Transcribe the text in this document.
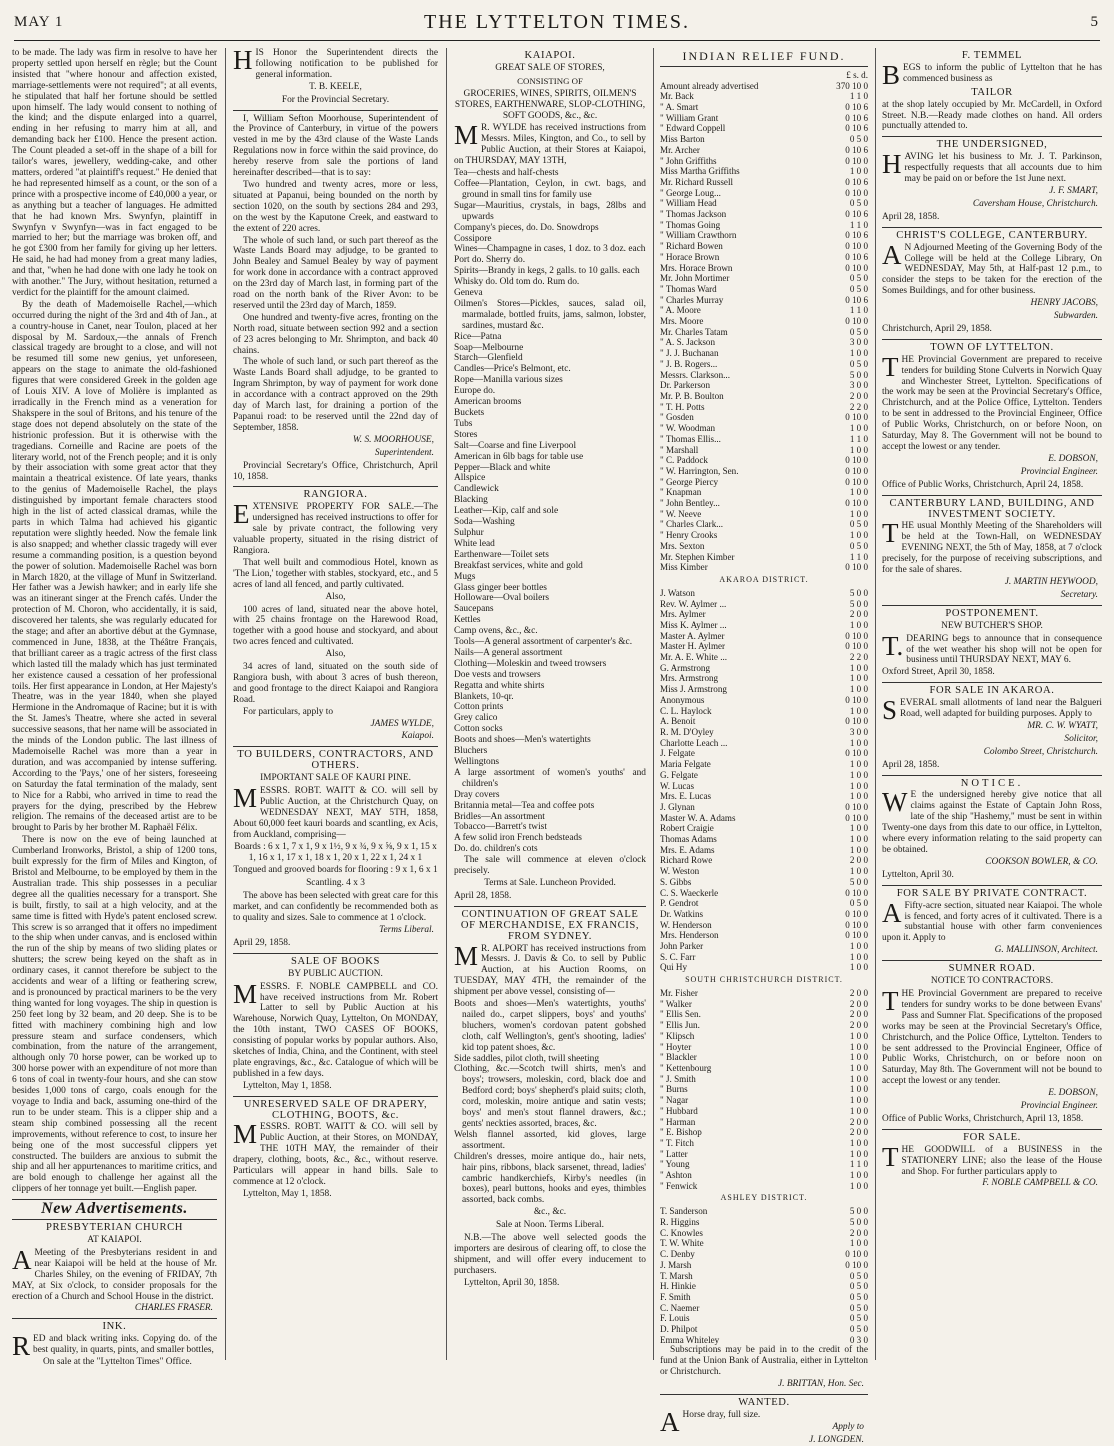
MAY 1	THE LYTTELTON TIMES.	5

to be made. The lady was firm in resolve to have her property settled upon herself en règle; but the Count insisted that "where honour and affection existed, marriage-settlements were not required"; at all events, he stipulated that half her fortune should be settled upon himself. The lady would consent to nothing of the kind; and the dispute enlarged into a quarrel, ending in her refusing to marry him at all, and demanding back her £100. Hence the present action. The Count pleaded a set-off in the shape of a bill for tailor's wares, jewellery, wedding-cake, and other matters, ordered "at plaintiff's request." He denied that he had represented himself as a count, or the son of a prince with a prospective income of £40,000 a year, or as anything but a teacher of languages. He admitted that he had known Mrs. Swynfyn, plaintiff in Swynfyn v Swynfyn—was in fact engaged to be married to her; but the marriage was broken off, and he got £300 from her family for giving up her letters. He said, he had had money from a great many ladies, and that, "when he had done with one lady he took on with another." The Jury, without hesitation, returned a verdict for the plaintiff for the amount claimed.

By the death of Mademoiselle Rachel,—which occurred during the night of the 3rd and 4th of Jan., at a country-house in Canet, near Toulon, placed at her disposal by M. Sardoux,—the annals of French classical tragedy are brought to a close, and will not be resumed till some new genius, yet unforeseen, appears on the stage to animate the old-fashioned figures that were considered Greek in the golden age of Louis XIV. A love of Molière is implanted as irradically in the French mind as a veneration for Shakspere in the soul of Britons, and his tenure of the stage does not depend absolutely on the state of the histrionic profession. But it is otherwise with the tragedians. Corneille and Racine are poets of the literary world, not of the French people; and it is only by their association with some great actor that they maintain a theatrical existence. Of late years, thanks to the genius of Mademoiselle Rachel, the plays distinguished by important female characters stood high in the list of acted classical dramas, while the parts in which Talma had achieved his gigantic reputation were slightly heeded. Now the female link is also snapped; and whether classic tragedy will ever resume a commanding position, is a question beyond the power of solution. Mademoiselle Rachel was born in March 1820, at the village of Munf in Switzerland. Her father was a Jewish hawker; and in early life she was an itinerant singer at the French cafés. Under the protection of M. Choron, who accidentally, it is said, discovered her talents, she was regularly educated for the stage; and after an abortive début at the Gymnase, commenced in June, 1838, at the Théâtre Français, that brilliant career as a tragic actress of the first class which lasted till the malady which has just terminated her existence caused a cessation of her professional toils. Her first appearance in London, at Her Majesty's Theatre, was in the year 1840, when she played Hermione in the Andromaque of Racine; but it is with the St. James's Theatre, where she acted in several successive seasons, that her name will be associated in the minds of the London public. The last illness of Mademoiselle Rachel was more than a year in duration, and was accompanied by intense suffering. According to the 'Pays,' one of her sisters, foreseeing on Saturday the fatal termination of the malady, sent to Nice for a Rabbi, who arrived in time to read the prayers for the dying, prescribed by the Hebrew religion. The remains of the deceased artist are to be brought to Paris by her brother M. Raphaël Félix.

There is now on the eve of being launched at Cumberland Ironworks, Bristol, a ship of 1200 tons, built expressly for the firm of Miles and Kington, of Bristol and Melbourne, to be employed by them in the Australian trade. This ship possesses in a peculiar degree all the qualities necessary for a transport. She is built, firstly, to sail at a high velocity, and at the same time is fitted with Hyde's patent enclosed screw. This screw is so arranged that it offers no impediment to the ship when under canvas, and is enclosed within the run of the ship by means of two sliding plates or shutters; the screw being keyed on the shaft as in ordinary cases, it cannot therefore be subject to the accidents and wear of a lifting or feathering screw, and is pronounced by practical mariners to be the very thing wanted for long voyages. The ship in question is 250 feet long by 32 beam, and 20 deep. She is to be fitted with machinery combining high and low pressure steam and surface condensers, which combination, from the nature of the arrangement, although only 70 horse power, can be worked up to 300 horse power with an expenditure of not more than 6 tons of coal in twenty-four hours, and she can stow besides 1,000 tons of cargo, coals enough for the voyage to India and back, assuming one-third of the run to be under steam. This is a clipper ship and a steam ship combined possessing all the recent improvements, without reference to cost, to insure her being one of the most successful clippers yet constructed. The builders are anxious to submit the ship and all her appurtenances to maritime critics, and are bold enough to challenge her against all the clippers of her tonnage yet built.—English paper.

New Advertisements.
PRESBYTERIAN CHURCH
AT KAIAPOI.

A Meeting of the Presbyterians resident in and near Kaiapoi will be held at the house of Mr. Charles Shiley, on the evening of FRIDAY, 7th MAY, at Six o'clock, to consider proposals for the erection of a Church and School House in the district.

CHARLES FRASER.
INK.

RED and black writing inks. Copying do. of the best quality, in quarts, pints, and smaller bottles,

On sale at the "Lyttelton Times" Office.

HIS Honor the Superintendent directs the following notification to be published for general information.

T. B. KEELE,
For the Provincial Secretary.

I, William Sefton Moorhouse, Superintendent of the Province of Canterbury, in virtue of the powers vested in me by the 43rd clause of the Waste Lands Regulations now in force within the said province, do hereby reserve from sale the portions of land hereinafter described—that is to say:

Two hundred and twenty acres, more or less, situated at Papanui, being bounded on the north by section 1020, on the south by sections 284 and 293, on the west by the Kaputone Creek, and eastward to the extent of 220 acres.

The whole of such land, or such part thereof as the Waste Lands Board may adjudge, to be granted to John Bealey and Samuel Bealey by way of payment for work done in accordance with a contract approved on the 23rd day of March last, in forming part of the road on the north bank of the River Avon: to be reserved until the 23rd day of March, 1859.

One hundred and twenty-five acres, fronting on the North road, situate between section 992 and a section of 23 acres belonging to Mr. Shrimpton, and back 40 chains.

The whole of such land, or such part thereof as the Waste Lands Board shall adjudge, to be granted to Ingram Shrimpton, by way of payment for work done in accordance with a contract approved on the 29th day of March last, for draining a portion of the Papanui road: to be reserved until the 22nd day of September, 1858.

W. S. MOORHOUSE,
Superintendent.

Provincial Secretary's Office, Christchurch, April 10, 1858.

RANGIORA.

EXTENSIVE PROPERTY FOR SALE.—The undersigned has received instructions to offer for sale by private contract, the following very valuable property, situated in the rising district of Rangiora.

That well built and commodious Hotel, known as 'The Lion,' together with stables, stockyard, etc., and 5 acres of land all fenced, and partly cultivated.

Also,

100 acres of land, situated near the above hotel, with 25 chains frontage on the Harewood Road, together with a good house and stockyard, and about two acres fenced and cultivated.

Also,

34 acres of land, situated on the south side of Rangiora bush, with about 3 acres of bush thereon, and good frontage to the direct Kaiapoi and Rangiora Road.

For particulars, apply to

JAMES WYLDE,
Kaiapoi.
TO BUILDERS, CONTRACTORS, AND OTHERS.
IMPORTANT SALE OF KAURI PINE.

MESSRS. ROBT. WAITT & CO. will sell by Public Auction, at the Christchurch Quay, on WEDNESDAY NEXT, MAY 5TH, 1858, About 60,000 feet kauri boards and scantling, ex Acis, from Auckland, comprising—

Boards : 6 x 1, 7 x 1, 9 x 1½, 9 x ¾, 9 x ⅝, 9 x 1, 15 x 1, 16 x 1, 17 x 1, 18 x 1, 20 x 1, 22 x 1, 24 x 1
Tongued and grooved boards for flooring : 9 x 1, 6 x 1
Scantling. 4 x 3

The above has been selected with great care for this market, and can confidently be recommended both as to quality and sizes. Sale to commence at 1 o'clock.

Terms Liberal.

April 29, 1858.

SALE OF BOOKS
BY PUBLIC AUCTION.

MESSRS. F. NOBLE CAMPBELL and CO. have received instructions from Mr. Robert Latter to sell by Public Auction at his Warehouse, Norwich Quay, Lyttelton, On MONDAY, the 10th instant, TWO CASES OF BOOKS, consisting of popular works by popular authors. Also, sketches of India, China, and the Continent, with steel plate engravings, &c., &c. Catalogue of which will be published in a few days.

Lyttelton, May 1, 1858.

UNRESERVED SALE OF DRAPERY, CLOTHING, BOOTS, &c.

MESSRS. ROBT. WAITT & CO. will sell by Public Auction, at their Stores, on MONDAY, THE 10TH MAY, the remainder of their drapery, clothing, boots, &c., &c., without reserve. Particulars will appear in hand bills. Sale to commence at 12 o'clock.

Lyttelton, May 1, 1858.

KAIAPOI.
GREAT SALE OF STORES,
CONSISTING OF
GROCERIES, WINES, SPIRITS, OILMEN'S STORES, EARTHENWARE, SLOP-CLOTHING, SOFT GOODS, &c., &c.

M R. WYLDE has received instructions from Messrs. Miles, Kington, and Co., to sell by Public Auction, at their Stores at Kaiapoi, on THURSDAY, MAY 13TH,

Tea—chests and half-chests
Coffee—Plantation, Ceylon, in cwt. bags, and ground in small tins for family use
Sugar—Mauritius, crystals, in bags, 28lbs and upwards
Company's pieces, do. Do. Snowdrops
Cossipore
Wines—Champagne in cases, 1 doz. to 3 doz. each
Port do. Sherry do.
Spirits—Brandy in kegs, 2 galls. to 10 galls. each
Whisky do. Old tom do. Rum do.
Geneva
Oilmen's Stores—Pickles, sauces, salad oil, marmalade, bottled fruits, jams, salmon, lobster, sardines, mustard &c.
Rice—Patna
Soap—Melbourne
Starch—Glenfield
Candles—Price's Belmont, etc.
Rope—Manilla various sizes
Europe do.
American brooms
Buckets
Tubs
Stores
Salt—Coarse and fine Liverpool
American in 6lb bags for table use
Pepper—Black and white
Allspice
Candlewick
Blacking
Leather—Kip, calf and sole
Soda—Washing
Sulphur
White lead
Earthenware—Toilet sets
Breakfast services, white and gold
Mugs
Glass ginger beer bottles
Holloware—Oval boilers
Saucepans
Kettles
Camp ovens, &c., &c.
Tools—A general assortment of carpenter's &c.
Nails—A general assortment
Clothing—Moleskin and tweed trowsers
Doe vests and trowsers
Regatta and white shirts
Blankets, 10-qr.
Cotton prints
Grey calico
Cotton socks
Boots and shoes—Men's watertights
Bluchers
Wellingtons
A large assortment of women's youths' and children's
Dray covers
Britannia metal—Tea and coffee pots
Bridles—An assortment
Tobacco—Barrett's twist
A few solid iron French bedsteads
Do. do. children's cots

The sale will commence at eleven o'clock precisely.

Terms at Sale. Luncheon Provided.

April 28, 1858.

CONTINUATION OF GREAT SALE OF MERCHANDISE, EX FRANCIS, FROM SYDNEY.

M R. ALPORT has received instructions from Messrs. J. Davis & Co. to sell by Public Auction, at his Auction Rooms, on TUESDAY, MAY 4TH, the remainder of the shipment per above vessel, consisting of—

Boots and shoes—Men's watertights, youths' nailed do., carpet slippers, boys' and youths' bluchers, women's cordovan patent gobshed cloth, calf Wellington's, gent's shooting, ladies' kid top patent shoes, &c.
Side saddles, pilot cloth, twill sheeting
Clothing, &c.—Scotch twill shirts, men's and boys'; trowsers, moleskin, cord, black doe and Bedford cord; boys' shepherd's plaid suits; cloth, cord, moleskin, moire antique and satin vests; boys' and men's stout flannel drawers, &c.; gents' neckties assorted, braces, &c.
Welsh flannel assorted, kid gloves, large assortment.
Children's dresses, moire antique do., hair nets, hair pins, ribbons, black sarsenet, thread, ladies' cambric handkerchiefs, Kirby's needles (in boxes), pearl buttons, hooks and eyes, thimbles assorted, back combs.
&c., &c.
Sale at Noon. Terms Liberal.

N.B.—The above well selected goods the importers are desirous of clearing off, to close the shipment, and will offer every inducement to purchasers.

Lyttelton, April 30, 1858.

INDIAN RELIEF FUND.
	£ s. d.
Amount already advertised	370 10 0
Mr. Back	1 1 0
" A. Smart	0 10 6
" William Grant	0 10 6
" Edward Coppell	0 10 6
Miss Barton	0 5 0
Mr. Archer	0 10 6
" John Griffiths	0 10 0
Miss Martha Griffiths	1 0 0
Mr. Richard Russell	0 10 6
" George Loug...	0 10 0
" William Head	0 5 0
" Thomas Jackson	0 10 6
" Thomas Going	1 1 0
" William Crawthorn	0 10 6
" Richard Bowen	0 10 0
" Horace Brown	0 10 6
Mrs. Horace Brown	0 10 0
Mr. John Mortimer	0 5 0
" Thomas Ward	0 5 0
" Charles Murray	0 10 6
" A. Moore	1 1 0
Mrs. Moore	0 10 0
Mr. Charles Tatam	0 5 0
" A. S. Jackson	3 0 0
" J. J. Buchanan	1 0 0
" J. B. Rogers...	0 5 0
Messrs. Clarkson...	5 0 0
Dr. Parkerson	3 0 0
Mr. P. B. Boulton	2 0 0
" T. H. Potts	2 2 0
" Gosden	0 10 0
" W. Woodman	1 0 0
" Thomas Ellis...	1 1 0
" Marshall	1 0 0
" C. Paddock	0 10 0
" W. Harrington, Sen.	0 10 0
" George Piercy	0 10 0
" Knapman	1 0 0
" John Bentley...	0 10 0
" W. Neeve	1 0 0
" Charles Clark...	0 5 0
" Henry Crooks	1 0 0
Mrs. Sexton	0 5 0
Mr. Stephen Kimber	1 1 0
Miss Kimber	0 10 0
AKAROA DISTRICT.
J. Watson	5 0 0
Rev. W. Aylmer ...	5 0 0
Mrs. Aylmer	2 0 0
Miss K. Aylmer ...	1 0 0
Master A. Aylmer	0 10 0
Master H. Aylmer	0 10 0
Mr. A. E. White ...	2 2 0
G. Armstrong	1 0 0
Mrs. Armstrong	1 0 0
Miss J. Armstrong	1 0 0
Anonymous	0 10 0
C. L. Haylock	1 0 0
A. Benoit	0 10 0
R. M. D'Oyley	3 0 0
Charlotte Leach ...	1 0 0
J. Felgate	0 10 0
Maria Felgate	1 0 0
G. Felgate	1 0 0
W. Lucas	1 0 0
Mrs. E. Lucas	1 0 0
J. Glynan	0 10 0
Master W. A. Adams	0 10 0
Robert Craigie	1 0 0
Thomas Adams	1 0 0
Mrs. E. Adams	1 0 0
Richard Rowe	2 0 0
W. Weston	1 0 0
S. Gibbs	5 0 0
C. S. Waeckerle	0 10 0
P. Gendrot	0 5 0
Dr. Watkins	0 10 0
W. Henderson	0 10 0
Mrs. Henderson	0 10 0
John Parker	1 0 0
S. C. Farr	1 0 0
Qui Hy	1 0 0
SOUTH CHRISTCHURCH DISTRICT.
Mr. Fisher	2 0 0
" Walker	2 0 0
" Ellis Sen.	2 0 0
" Ellis Jun.	2 0 0
" Klipsch	1 0 0
" Hoyter	1 0 0
" Blackler	1 0 0
" Kettenbourg	1 0 0
" J. Smith	1 0 0
" Burns	1 0 0
" Nagar	1 0 0
" Hubbard	1 0 0
" Harman	2 0 0
" E. Bishop	2 0 0
" T. Fitch	1 0 0
" Latter	1 0 0
" Young	1 1 0
" Ashton	1 0 0
" Fenwick	1 0 0
ASHLEY DISTRICT.
T. Sanderson	5 0 0
R. Higgins	5 0 0
C. Knowles	2 0 0
T. W. White	1 0 0
C. Denby	0 10 0
J. Marsh	0 10 0
T. Marsh	0 5 0
H. Hinkie	0 5 0
F. Smith	0 5 0
C. Naemer	0 5 0
F. Louis	0 5 0
D. Philpot	0 5 0
Emma Whiteley	0 3 0

Subscriptions may be paid in to the credit of the fund at the Union Bank of Australia, either in Lyttelton or Christchurch.

J. BRITTAN, Hon. Sec.
WANTED.

A Horse dray, full size.

Apply to
J. LONGDEN.
F. TEMMEL

BEGS to inform the public of Lyttelton that he has commenced business as

TAILOR

at the shop lately occupied by Mr. McCardell, in Oxford Street. N.B.—Ready made clothes on hand. All orders punctually attended to.

THE UNDERSIGNED,

HAVING let his business to Mr. J. T. Parkinson, respectfully requests that all accounts due to him may be paid on or before the 1st June next.

J. F. SMART,
Caversham House, Christchurch.

April 28, 1858.

CHRIST'S COLLEGE, CANTERBURY.

A N Adjourned Meeting of the Governing Body of the College will be held at the College Library, On WEDNESDAY, May 5th, at Half-past 12 p.m., to consider the steps to be taken for the erection of the Somes Buildings, and for other business.

HENRY JACOBS,
Subwarden.

Christchurch, April 29, 1858.

TOWN OF LYTTELTON.

THE Provincial Government are prepared to receive tenders for building Stone Culverts in Norwich Quay and Winchester Street, Lyttelton. Specifications of the work may be seen at the Provincial Secretary's Office, Christchurch, and at the Police Office, Lyttelton. Tenders to be sent in addressed to the Provincial Engineer, Office of Public Works, Christchurch, on or before Noon, on Saturday, May 8. The Government will not be bound to accept the lowest or any tender.

E. DOBSON,
Provincial Engineer.

Office of Public Works, Christchurch, April 24, 1858.

CANTERBURY LAND, BUILDING, AND INVESTMENT SOCIETY.

THE usual Monthly Meeting of the Shareholders will be held at the Town-Hall, on WEDNESDAY EVENING NEXT, the 5th of May, 1858, at 7 o'clock precisely, for the purpose of receiving subscriptions, and for the sale of shares.

J. MARTIN HEYWOOD,
Secretary.
POSTPONEMENT.
NEW BUTCHER'S SHOP.

T. DEARING begs to announce that in consequence of the wet weather his shop will not be open for business until THURSDAY NEXT, MAY 6.

Oxford Street, April 30, 1858.

FOR SALE IN AKAROA.

SEVERAL small allotments of land near the Balgueri Road, well adapted for building purposes. Apply to

MR. C. W. WYATT,
Solicitor,
Colombo Street, Christchurch.

April 28, 1858.

NOTICE.

W E the undersigned hereby give notice that all claims against the Estate of Captain John Ross, late of the ship "Hashemy," must be sent in within Twenty-one days from this date to our office, in Lyttelton, where every information relating to the said property can be obtained.

COOKSON BOWLER, & CO.

Lyttelton, April 30.

FOR SALE BY PRIVATE CONTRACT.

A Fifty-acre section, situated near Kaiapoi. The whole is fenced, and forty acres of it cultivated. There is a substantial house with other farm conveniences upon it. Apply to

G. MALLINSON, Architect.
SUMNER ROAD.
NOTICE TO CONTRACTORS.

THE Provincial Government are prepared to receive tenders for sundry works to be done between Evans' Pass and Sumner Flat. Specifications of the proposed works may be seen at the Provincial Secretary's Office, Christchurch, and the Police Office, Lyttelton. Tenders to be sent addressed to the Provincial Engineer, Office of Public Works, Christchurch, on or before noon on Saturday, May 8th. The Government will not be bound to accept the lowest or any tender.

E. DOBSON,
Provincial Engineer.

Office of Public Works, Christchurch, April 13, 1858.

FOR SALE.

THE GOODWILL of a BUSINESS in the STATIONERY LINE; also the lease of the House and Shop. For further particulars apply to

F. NOBLE CAMPBELL & CO.
